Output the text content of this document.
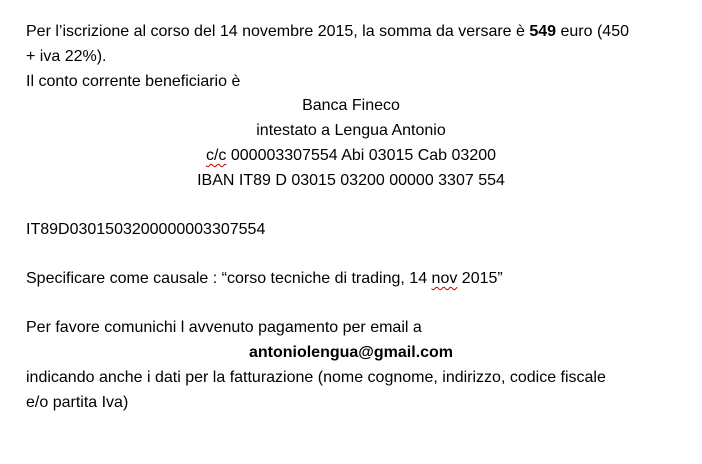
Per l’iscrizione al corso del 14 novembre 2015, la somma da versare è 549 euro (450
+ iva 22%).
Il conto corrente beneficiario è
Banca Fineco
intestato a Lengua Antonio
c/c 000003307554 Abi 03015 Cab 03200
IBAN IT89 D 03015 03200 00000 3307 554
IT89D0301503200000003307554
Specificare come causale : “corso tecniche di trading, 14 nov 2015”
Per favore comunichi l avvenuto pagamento per email a
antoniolengua@gmail.com
indicando anche i dati per la fatturazione (nome cognome, indirizzo, codice fiscale
e/o partita Iva)
